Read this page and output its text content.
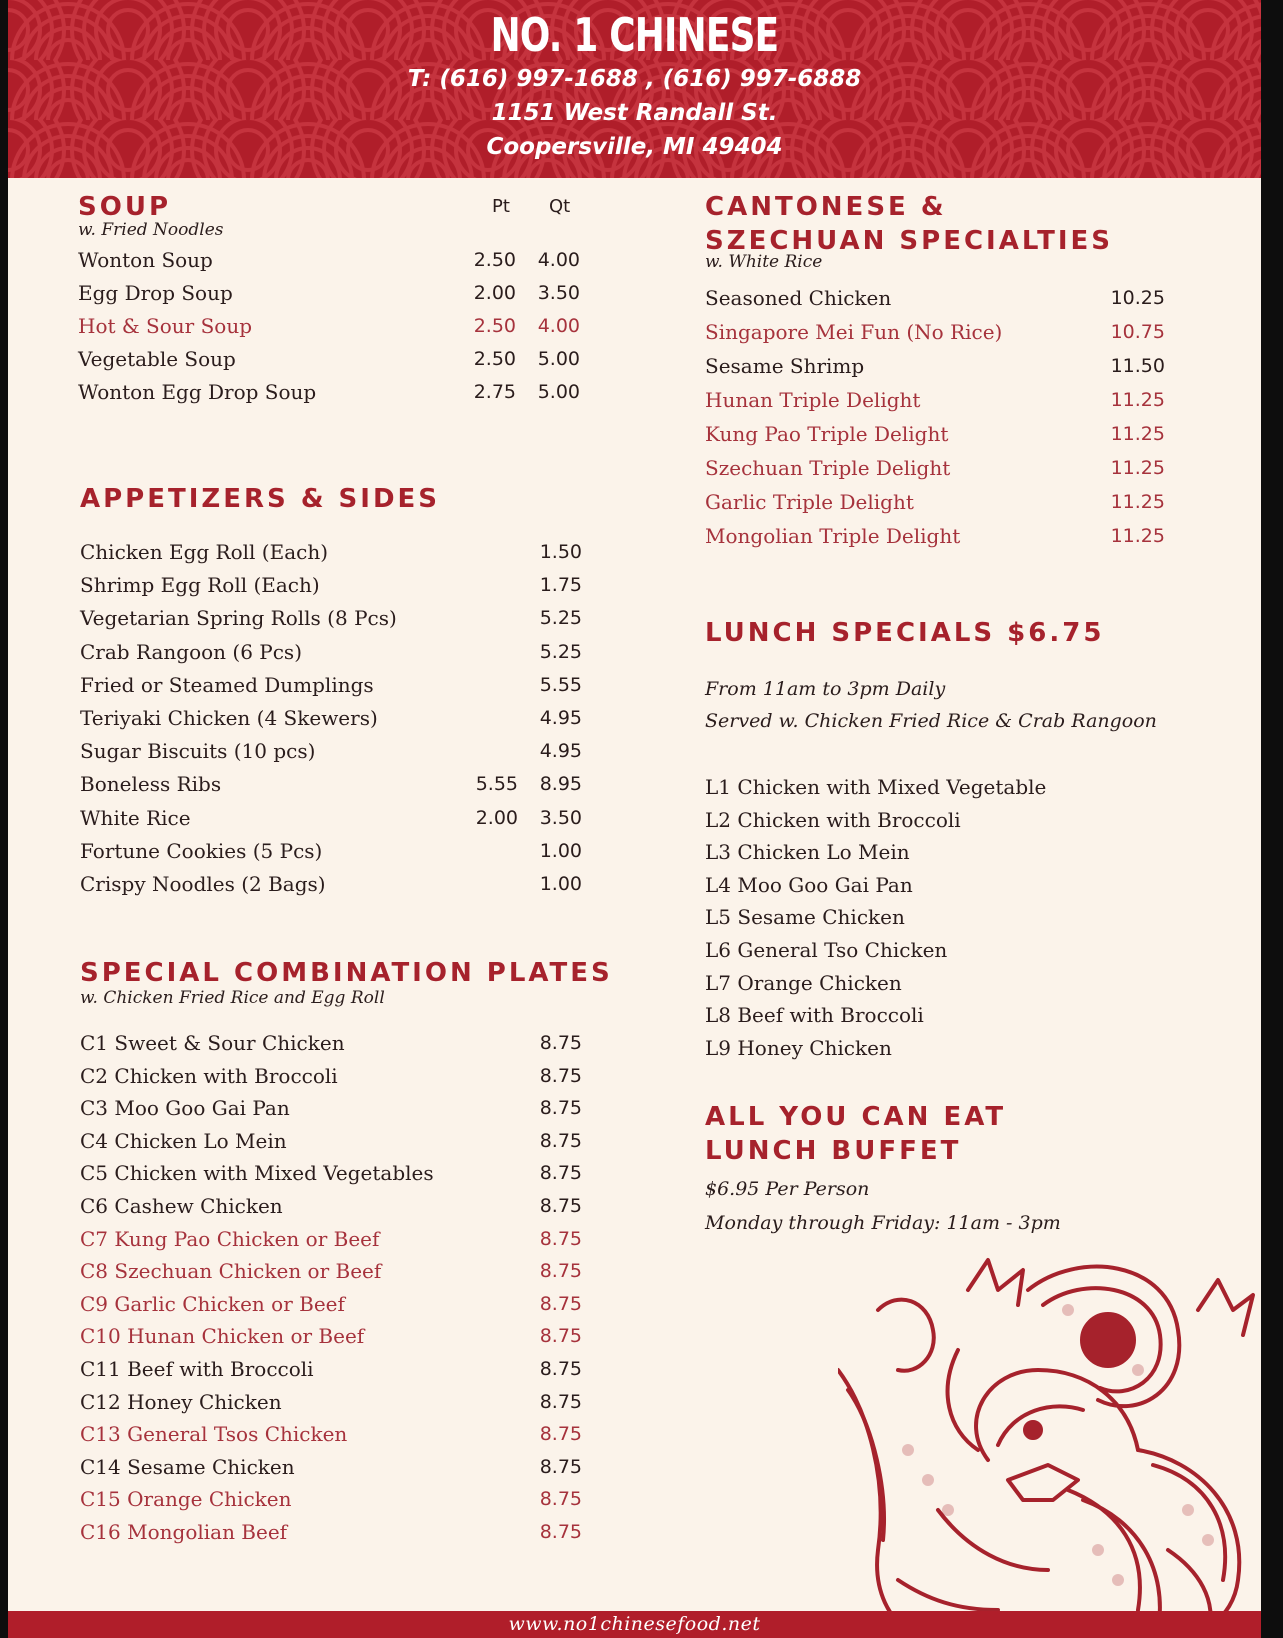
NO. 1 CHINESE
T: (616) 997-1688 , (616) 997-6888
1151 West Randall St.
Coopersville, MI 49404
SOUP
w. Fried Noodles
Pt Qt
Wonton Soup	2.50	4.00
Egg Drop Soup	2.00	3.50
Hot & Sour Soup	2.50	4.00
Vegetable Soup	2.50	5.00
Wonton Egg Drop Soup	2.75	5.00
APPETIZERS & SIDES
Chicken Egg Roll (Each)	1.50
Shrimp Egg Roll (Each)	1.75
Vegetarian Spring Rolls (8 Pcs)	5.25
Crab Rangoon (6 Pcs)	5.25
Fried or Steamed Dumplings	5.55
Teriyaki Chicken (4 Skewers)	4.95
Sugar Biscuits (10 pcs)	4.95
Boneless Ribs	5.55	8.95
White Rice	2.00	3.50
Fortune Cookies (5 Pcs)	1.00
Crispy Noodles (2 Bags)	1.00
SPECIAL COMBINATION PLATES
w. Chicken Fried Rice and Egg Roll
C1 Sweet & Sour Chicken	8.75
C2 Chicken with Broccoli	8.75
C3 Moo Goo Gai Pan	8.75
C4 Chicken Lo Mein	8.75
C5 Chicken with Mixed Vegetables	8.75
C6 Cashew Chicken	8.75
C7 Kung Pao Chicken or Beef	8.75
C8 Szechuan Chicken or Beef	8.75
C9 Garlic Chicken or Beef	8.75
C10 Hunan Chicken or Beef	8.75
C11 Beef with Broccoli	8.75
C12 Honey Chicken	8.75
C13 General Tsos Chicken	8.75
C14 Sesame Chicken	8.75
C15 Orange Chicken	8.75
C16 Mongolian Beef	8.75
CANTONESE &
SZECHUAN SPECIALTIES
w. White Rice
Seasoned Chicken	10.25
Singapore Mei Fun (No Rice)	10.75
Sesame Shrimp	11.50
Hunan Triple Delight	11.25
Kung Pao Triple Delight	11.25
Szechuan Triple Delight	11.25
Garlic Triple Delight	11.25
Mongolian Triple Delight	11.25
LUNCH SPECIALS $6.75
From 11am to 3pm Daily
Served w. Chicken Fried Rice & Crab Rangoon
L1 Chicken with Mixed Vegetable
L2 Chicken with Broccoli
L3 Chicken Lo Mein
L4 Moo Goo Gai Pan
L5 Sesame Chicken
L6 General Tso Chicken
L7 Orange Chicken
L8 Beef with Broccoli
L9 Honey Chicken
ALL YOU CAN EAT
LUNCH BUFFET
$6.95 Per Person
Monday through Friday: 11am - 3pm
www.no1chinesefood.net
